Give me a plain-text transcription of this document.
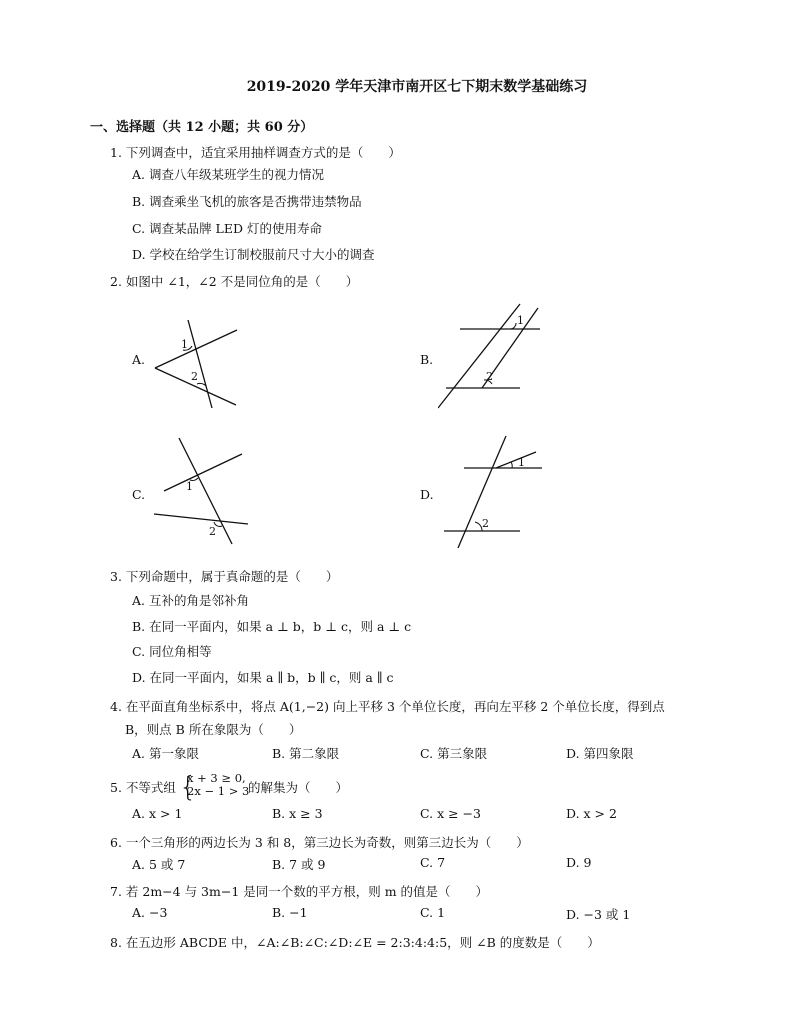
2019-2020 学年天津市南开区七下期末数学基础练习
一、选择题（共 12 小题；共 60 分）
1. 下列调查中，适宜采用抽样调查方式的是（　　）
A. 调查八年级某班学生的视力情况
B. 调查乘坐飞机的旅客是否携带违禁物品
C. 调查某品牌 LED 灯的使用寿命
D. 学校在给学生订制校服前尺寸大小的调查
2. 如图中 ∠1，∠2 不是同位角的是（　　）
A.
1
2
B.
1
2
C.
1
2
D.
1
2
3. 下列命题中，属于真命题的是（　　）
A. 互补的角是邻补角
B. 在同一平面内，如果 a ⊥ b，b ⊥ c，则 a ⊥ c
C. 同位角相等
D. 在同一平面内，如果 a ∥ b，b ∥ c，则 a ∥ c
4. 在平面直角坐标系中，将点 A(1,−2) 向上平移 3 个单位长度，再向左平移 2 个单位长度，得到点
B，则点 B 所在象限为（　　）
A. 第一象限	B. 第二象限	C. 第三象限	D. 第四象限
5. 不等式组 {
x + 3 ≥ 0,
2x − 1 > 3
的解集为（　　）
A. x > 1	B. x ≥ 3	C. x ≥ −3	D. x > 2
6. 一个三角形的两边长为 3 和 8，第三边长为奇数，则第三边长为（　　）
A. 5 或 7	B. 7 或 9	C. 7	D. 9
7. 若 2m−4 与 3m−1 是同一个数的平方根，则 m 的值是（　　）
A. −3	B. −1	C. 1	D. −3 或 1
8. 在五边形 ABCDE 中，∠A:∠B:∠C:∠D:∠E = 2:3:4:4:5，则 ∠B 的度数是（　　）
